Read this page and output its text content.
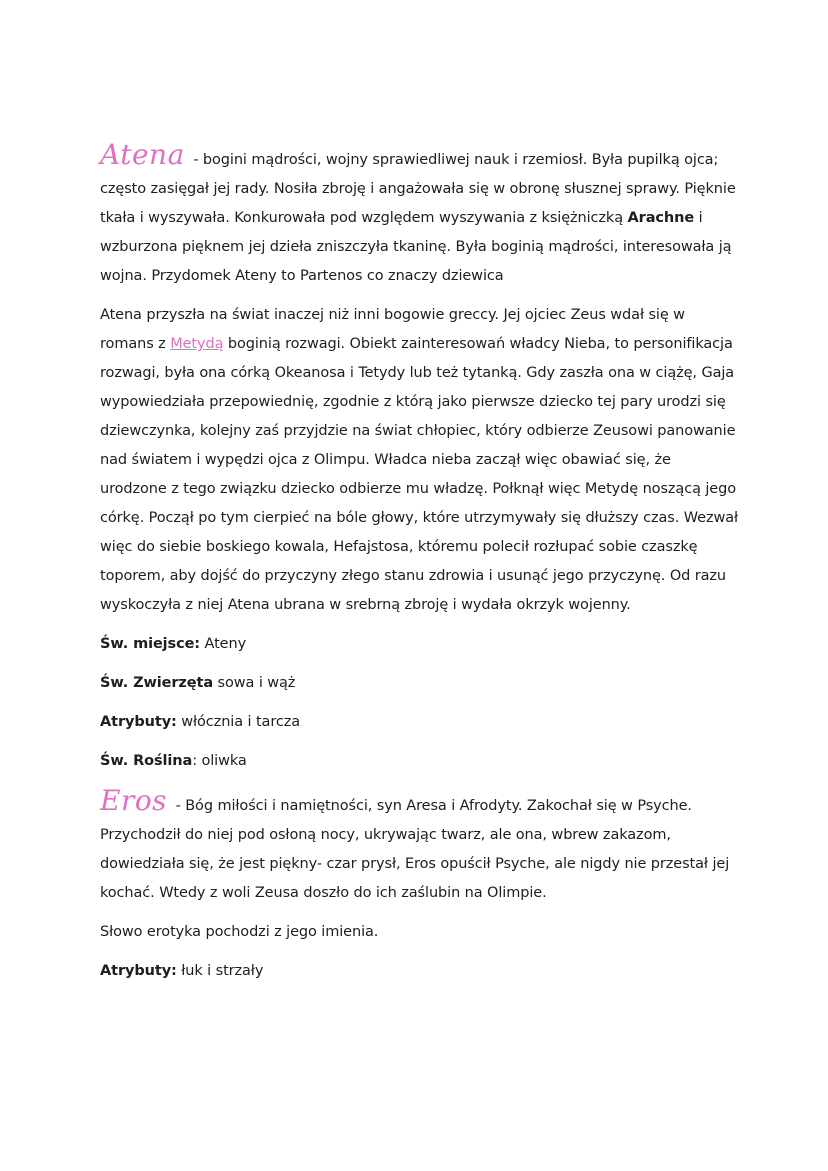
Atena - bogini mądrości, wojny sprawiedliwej nauk i rzemiosł. Była pupilką ojca; często zasięgał jej rady. Nosiła zbroję i angażowała się w obronę słusznej sprawy. Pięknie tkała i wyszywała. Konkurowała pod względem wyszywania z księżniczką Arachne i wzburzona pięknem jej dzieła zniszczyła tkaninę. Była boginią mądrości, interesowała ją wojna. Przydomek Ateny to Partenos co znaczy dziewica

Atena przyszła na świat inaczej niż inni bogowie greccy. Jej ojciec Zeus wdał się w romans z Metydą boginią rozwagi. Obiekt zainteresowań władcy Nieba, to personifikacja rozwagi, była ona córką Okeanosa i Tetydy lub też tytanką. Gdy zaszła ona w ciążę, Gaja wypowiedziała przepowiednię, zgodnie z którą jako pierwsze dziecko tej pary urodzi się dziewczynka, kolejny zaś przyjdzie na świat chłopiec, który odbierze Zeusowi panowanie nad światem i wypędzi ojca z Olimpu. Władca nieba zaczął więc obawiać się, że urodzone z tego związku dziecko odbierze mu władzę. Połknął więc Metydę noszącą jego córkę. Począł po tym cierpieć na bóle głowy, które utrzymywały się dłuższy czas. Wezwał więc do siebie boskiego kowala, Hefajstosa, któremu polecił rozłupać sobie czaszkę toporem, aby dojść do przyczyny złego stanu zdrowia i usunąć jego przyczynę. Od razu wyskoczyła z niej Atena ubrana w srebrną zbroję i wydała okrzyk wojenny.

Św. miejsce: Ateny

Św. Zwierzęta sowa i wąż

Atrybuty: włócznia i tarcza

Św. Roślina: oliwka

Eros - Bóg miłości i namiętności, syn Aresa i Afrodyty. Zakochał się w Psyche. Przychodził do niej pod osłoną nocy, ukrywając twarz, ale ona, wbrew zakazom, dowiedziała się, że jest piękny- czar prysł, Eros opuścił Psyche, ale nigdy nie przestał jej kochać. Wtedy z woli Zeusa doszło do ich zaślubin na Olimpie.

Słowo erotyka pochodzi z jego imienia.

Atrybuty: łuk i strzały
